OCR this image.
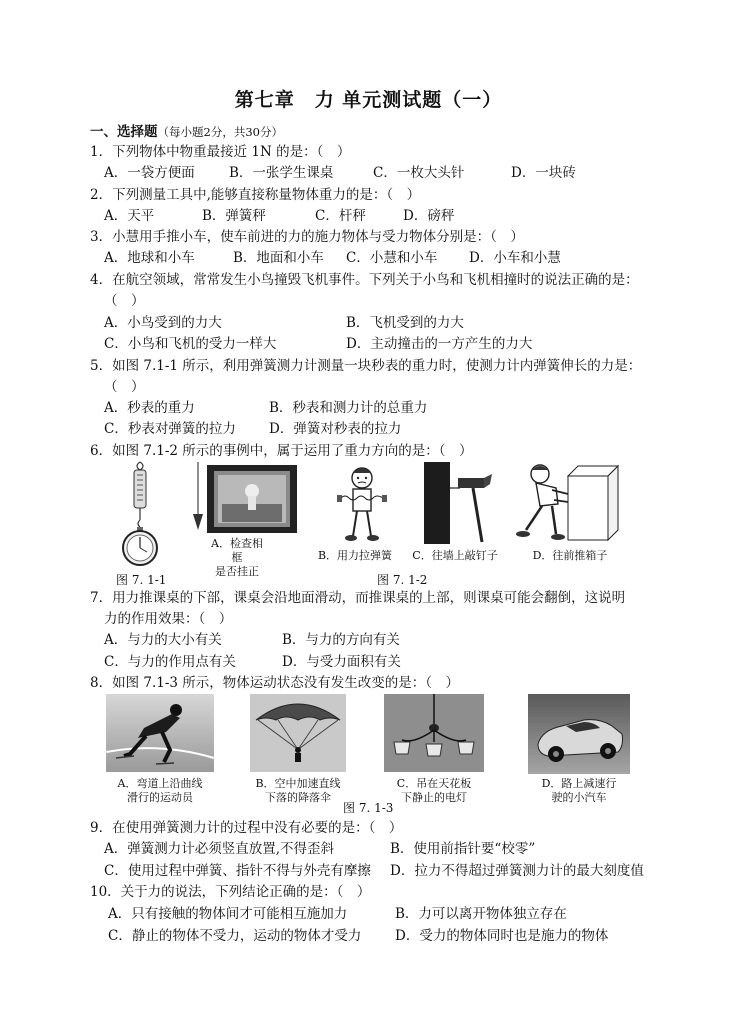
第七章　力 单元测试题（一）
一、选择题（每小题2分，共30分）
1．下列物体中物重最接近 1N 的是：（　）
A．一袋方便面	B．一张学生课桌	C．一枚大头针	D．一块砖
2．下列测量工具中,能够直接称量物体重力的是：（　）
A．天平	B．弹簧秤	C．杆秤	D．磅秤
3．小慧用手推小车，使车前进的力的施力物体与受力物体分别是：（　）
A．地球和小车	B．地面和小车 C．小慧和小车 D．小车和小慧
4．在航空领域，常常发生小鸟撞毁飞机事件。下列关于小鸟和飞机相撞时的说法正确的是：
（　）
A．小鸟受到的力大	B．飞机受到的力大
C．小鸟和飞机的受力一样大	D．主动撞击的一方产生的力大
5．如图 7.1-1 所示，利用弹簧测力计测量一块秒表的重力时，使测力计内弹簧伸长的力是：
（　）
A．秒表的重力	B．秒表和测力计的总重力
C．秒表对弹簧的拉力 D．弹簧对秒表的拉力
6．如图 7.1-2 所示的事例中，属于运用了重力方向的是：（　）
A．检查相框
是否挂正
B．用力拉弹簧	C．往墙上敲钉子	D．往前推箱子
图 7. 1-1	图 7. 1-2
7．用力推课桌的下部，课桌会沿地面滑动，而推课桌的上部，则课桌可能会翻倒，这说明
力的作用效果：（　）
A．与力的大小有关	B．与力的方向有关
C．与力的作用点有关	D．与受力面积有关
8．如图 7.1-3 所示，物体运动状态没有发生改变的是：（　）
A．弯道上沿曲线
滑行的运动员
B．空中加速直线
下落的降落伞
C．吊在天花板
下静止的电灯
D．路上减速行
驶的小汽车
图 7. 1-3
9．在使用弹簧测力计的过程中没有必要的是：（　）
A．弹簧测力计必须竖直放置,不得歪斜	B．使用前指针要“校零”
C．使用过程中弹簧、指针不得与外壳有摩擦 D．拉力不得超过弹簧测力计的最大刻度值
10．关于力的说法，下列结论正确的是：（　）
A．只有接触的物体间才可能相互施加力	B．力可以离开物体独立存在
C．静止的物体不受力，运动的物体才受力 D．受力的物体同时也是施力的物体
